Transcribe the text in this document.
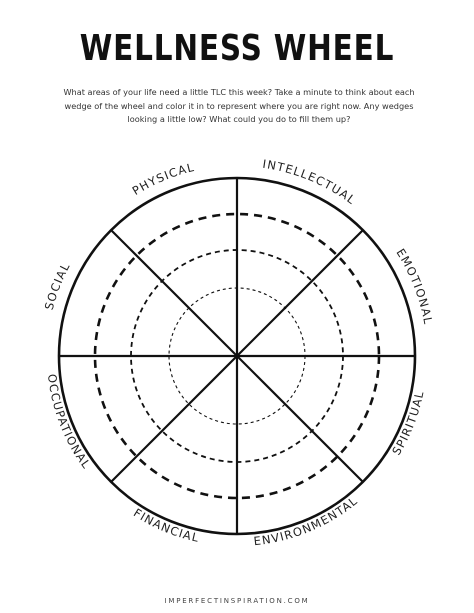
WELLNESS WHEEL

What areas of your life need a little TLC this week? Take a minute to think about each wedge of the wheel and color it in to represent where you are right now. Any wedges looking a little low? What could you do to fill them up?

SOCIAL
PHYSICAL	INTELLECTUAL
EMOTIONAL
OCCUPATIONAL
FINANCIAL	ENVIRONMENTAL
SPIRITUAL

IMPERFECTINSPIRATION.COM
